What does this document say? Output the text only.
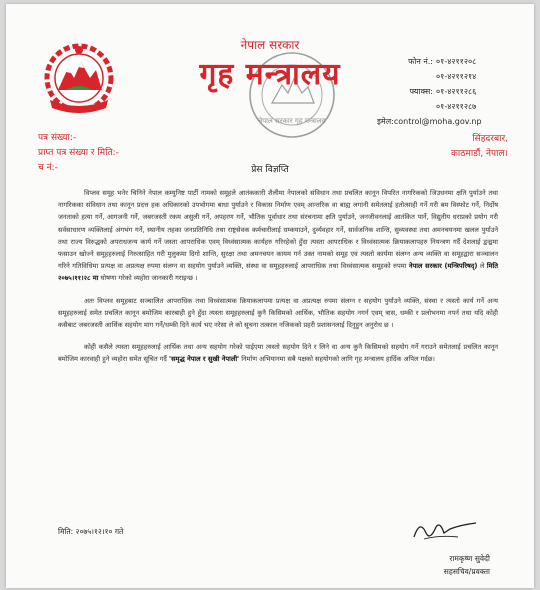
नेपाल सरकार गृह मन्त्रालय
नेपाल सरकार
गृह मन्त्रालय	फोन नं.: ०१-४२११२०८
०१-४२११२१४
फ्याक्स: ०१-४२११२८६
०१-४२११२८७
इमेल: control@moha.gov.np
सिंहदरबार,
काठमाडौं, नेपाल।
पत्र संख्या:-
प्राप्त पत्र संख्या र मिति:-
च नं:-	प्रेस विज्ञप्ति

विप्लव समूह भनेर चिनिने नेपाल कम्युनिष्ट पार्टी नामको समूहले आतंककारी शैलीमा नेपालको संविधान तथा प्रचलित कानून विपरित नागरिकको जिउधनमा क्षति पुर्याउने तथा नागरिकका संविधान तथा कानून प्रदत्त हक अधिकारको उपभोगमा बाधा पुर्याउने र विकास निर्माण एवम् आन्तरिक वा बाह्य लगानी समेतलाई हतोत्साही गर्ने गरी बम विस्फोट गर्ने, निर्दोष जनताको हत्या गर्ने, आगजनी गर्ने, जबरजस्ती रकम असुली गर्ने, अपहरण गर्ने, भौतिक पूर्वाधार तथा संरचनामा क्षति पुर्याउने, जनजीवनलाई आतंकित पार्ने, विद्युतीय धराप्रको प्रयोग गरी सर्वसाधारण व्यक्तिलाई अंगभंग गर्ने, स्थानीय तहका जनप्रतिनिधि तथा राष्ट्रसेवक कर्मचारीलाई धम्कयाउने, दुर्व्यवहार गर्ने, सार्वजनिक शान्ति, सुव्यवस्था तथा अमनचयनमा खलल पुर्याउने तथा राज्य विरुद्धको अपराधजन्य कार्य गर्ने जस्ता आपराधिक एवम् विध्वंसात्मक कार्यहरु गरिरहेको हुँदा त्यस्ता आपराधिक र विध्वंसात्मक क्रियाकलापहरु नियन्त्रण गर्दै देशलाई द्वन्द्वमा फसाउन खोज्ने समूहहरुलाई निरुत्साहित गरी मुलुकमा दिगो शान्ति, सुरक्षा तथा अमनचयन कायम गर्न उक्त नामको समूह एवं त्यस्तो कार्यमा संलग्न अन्य व्यक्ति वा समूहद्वारा सञ्चालन गरिने गतिविधिमा प्रत्यक्ष वा अप्रत्यक्ष रुपमा संलग्न वा सहयोग पुर्याउने व्यक्ति, संस्था वा समूहहरुलाई आपराधिक तथा विध्वंसात्मक समूहको रुपमा नेपाल सरकार (मन्त्रिपरिषद्) ले मिति २०७५।११।२८ मा घोषणा गरेको व्यहोरा जानकारी गराइन्छ ।

अतः विप्लव समूहबाट सञ्चालित आपराधिक तथा विध्वंसात्मक क्रियाकलापमा प्रत्यक्ष वा अप्रत्यक्ष रुपमा संलग्न र सहयोग पुर्याउने व्यक्ति, संस्था र त्यस्तो कार्य गर्ने अन्य समूहहरुलाई समेत प्रचलित कानून बमोजिम कारबाही हुने हुँदा त्यस्ता समूहहरुलाई कुनै किसिमको आर्थिक, भौतिक सहयोग नगर्न एवम् त्रास, धम्की र प्रलोभनमा नपर्न तथा यदि कोही कसैबाट जबरजस्ती आर्थिक सहयोग माग गर्ने/धम्की दिने कार्य भए नरेसा ले को सूचना तत्काल नजिकको प्रहरी प्रशासनलाई दिनुहुन अनुरोध छ ।

कोही कसैले त्यस्ता समूहहरुलाई आर्थिक तथा अन्य सहयोग गरेको पाईएमा त्यस्तो सहयोग दिने र लिने वा अन्य कुनै किसिमको सहयोग गर्ने गराउने समेतलाई प्रचलित कानून बमोजिम कारवाही हुने व्यहोरा समेत सूचित गर्दै 'समृद्ध नेपाल र सुखी नेपाली' निर्माण अभियानमा सबै पक्षको सहयोगको लागि गृह मन्त्रालय हार्दिक अपिल गर्दछ।

मिति: २०७५।१२।१० गते
रामकृष्ण सुवेदी
सहसचिव/प्रवक्ता
